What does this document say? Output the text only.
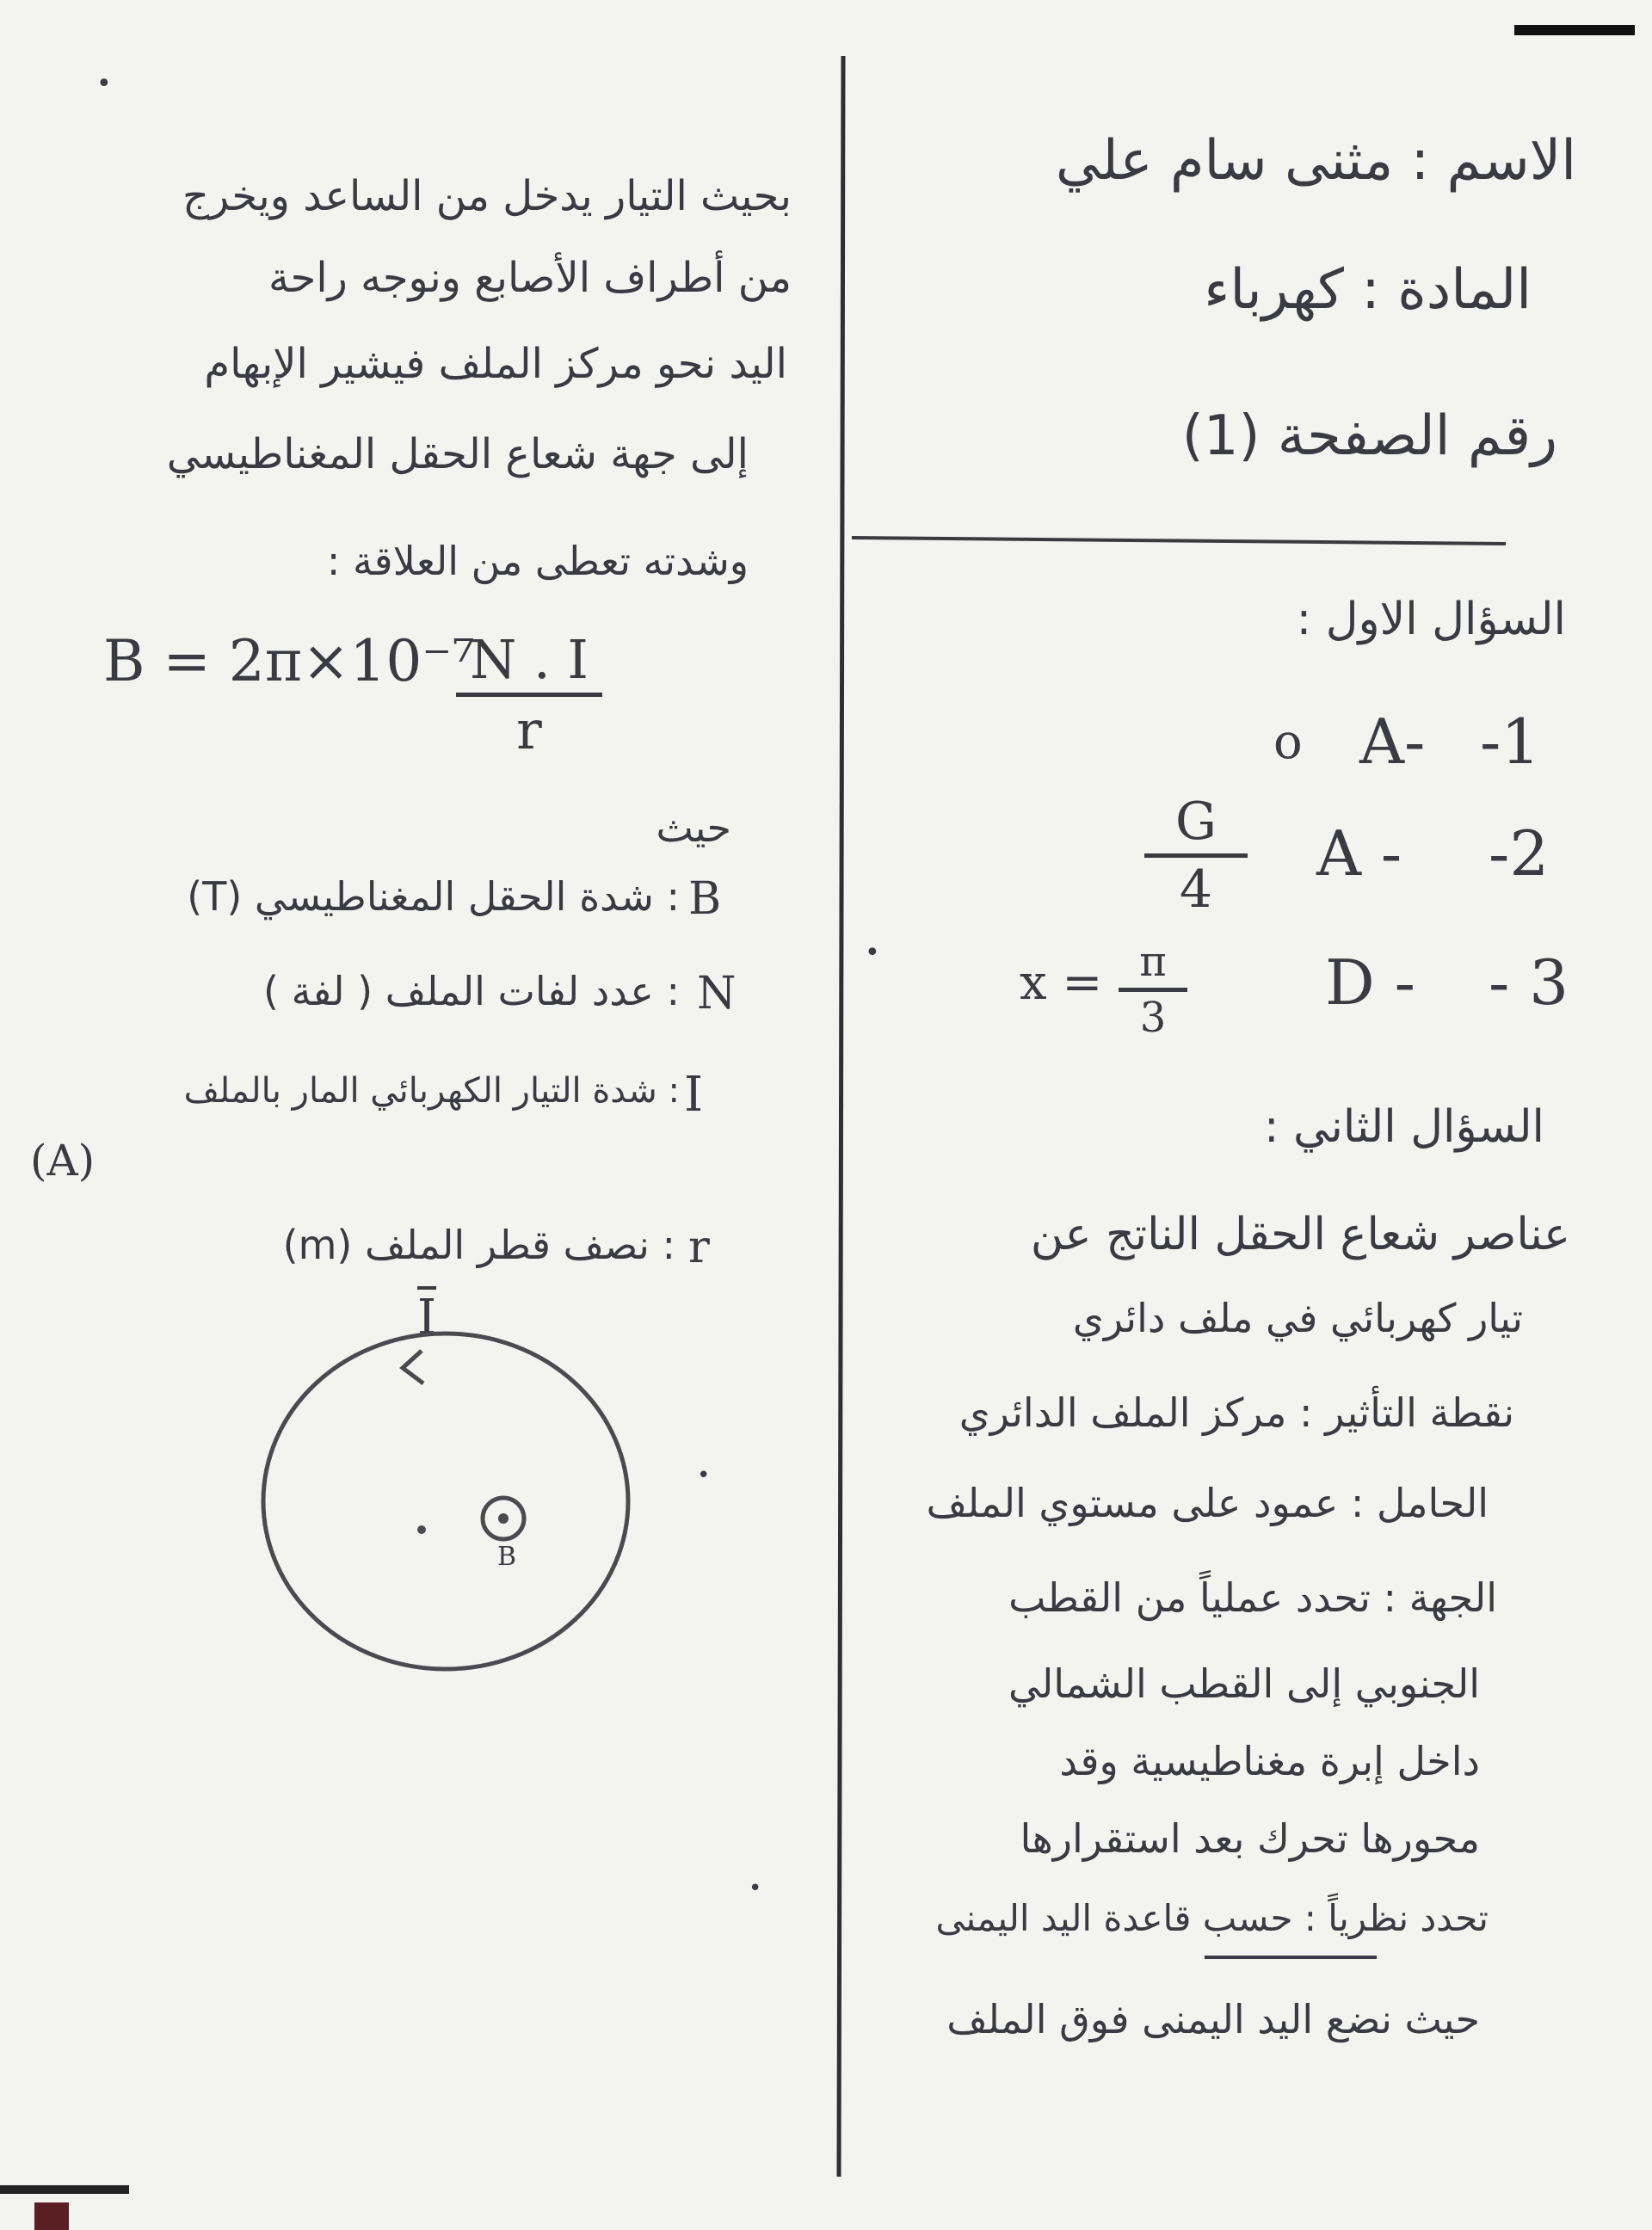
الاسم : مثنى سام علي
المادة : كهرباء
رقم الصفحة (1)
السؤال الاول :
-1
A-
o
-2
A -
$\frac{G}{4}$
- 3
D -
$x = \frac{\pi}{3}$
السؤال الثاني :
عناصر شعاع الحقل الناتج عن
تيار كهربائي في ملف دائري
نقطة التأثير : مركز الملف الدائري
الحامل : عمود على مستوي الملف
الجهة : تحدد عملياً من القطب
الجنوبي إلى القطب الشمالي
داخل إبرة مغناطيسية وقد
محورها تحرك بعد استقرارها
تحدد نظرياً : حسب قاعدة اليد اليمنى
حيث نضع اليد اليمنى فوق الملف
بحيث التيار يدخل من الساعد ويخرج
من أطراف الأصابع ونوجه راحة
اليد نحو مركز الملف فيشير الإبهام
إلى جهة شعاع الحقل المغناطيسي
وشدته تعطى من العلاقة :
B = 2π×10⁻⁷
$\frac{N . I}{r}$
حيث
B
: شدة الحقل المغناطيسي (T)
N
: عدد لفات الملف ( لفة )
I
: شدة التيار الكهربائي المار بالملف
(A)
r
: نصف قطر الملف (m)
I
B
•
•
•
•
